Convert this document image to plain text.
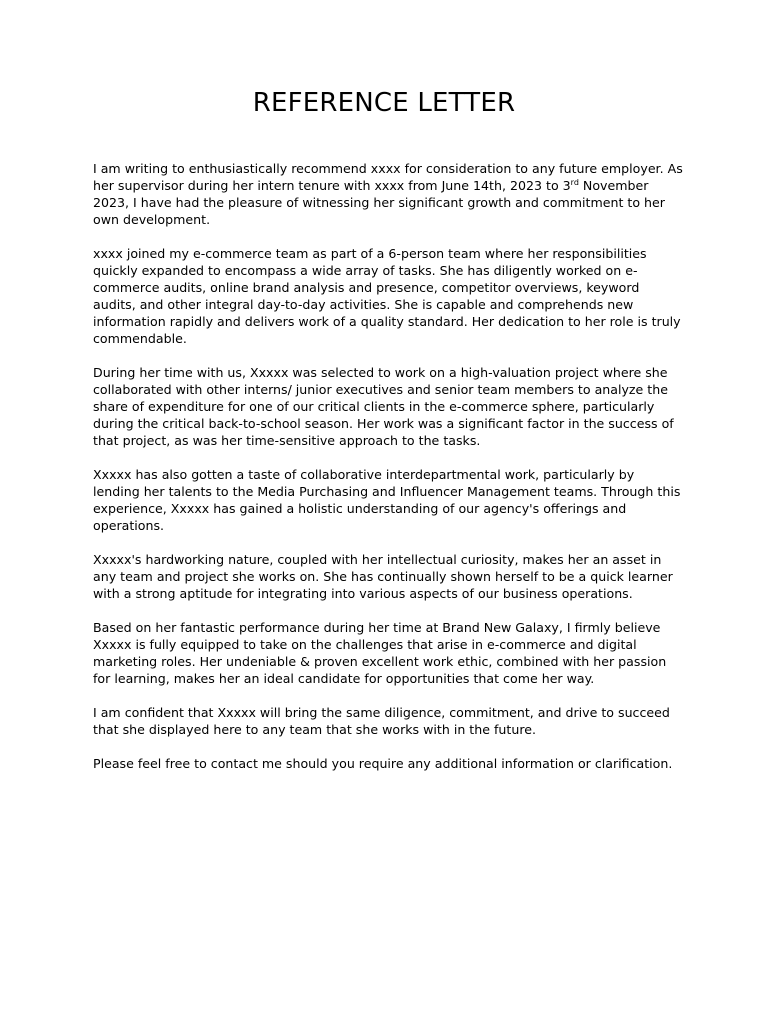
REFERENCE LETTER

I am writing to enthusiastically recommend xxxx for consideration to any future employer. As her supervisor during her intern tenure with xxxx from June 14th, 2023 to 3rd November 2023, I have had the pleasure of witnessing her significant growth and commitment to her own development.

xxxx joined my e-commerce team as part of a 6-person team where her responsibilities quickly expanded to encompass a wide array of tasks. She has diligently worked on e-commerce audits, online brand analysis and presence, competitor overviews, keyword audits, and other integral day-to-day activities. She is capable and comprehends new information rapidly and delivers work of a quality standard. Her dedication to her role is truly commendable.

During her time with us, Xxxxx was selected to work on a high-valuation project where she collaborated with other interns/ junior executives and senior team members to analyze the share of expenditure for one of our critical clients in the e-commerce sphere, particularly during the critical back-to-school season. Her work was a significant factor in the success of that project, as was her time-sensitive approach to the tasks.

Xxxxx has also gotten a taste of collaborative interdepartmental work, particularly by lending her talents to the Media Purchasing and Influencer Management teams. Through this experience, Xxxxx has gained a holistic understanding of our agency's offerings and operations.

Xxxxx's hardworking nature, coupled with her intellectual curiosity, makes her an asset in any team and project she works on. She has continually shown herself to be a quick learner with a strong aptitude for integrating into various aspects of our business operations.

Based on her fantastic performance during her time at Brand New Galaxy, I firmly believe Xxxxx is fully equipped to take on the challenges that arise in e-commerce and digital marketing roles. Her undeniable & proven excellent work ethic, combined with her passion for learning, makes her an ideal candidate for opportunities that come her way.

I am confident that Xxxxx will bring the same diligence, commitment, and drive to succeed that she displayed here to any team that she works with in the future.

Please feel free to contact me should you require any additional information or clarification.
